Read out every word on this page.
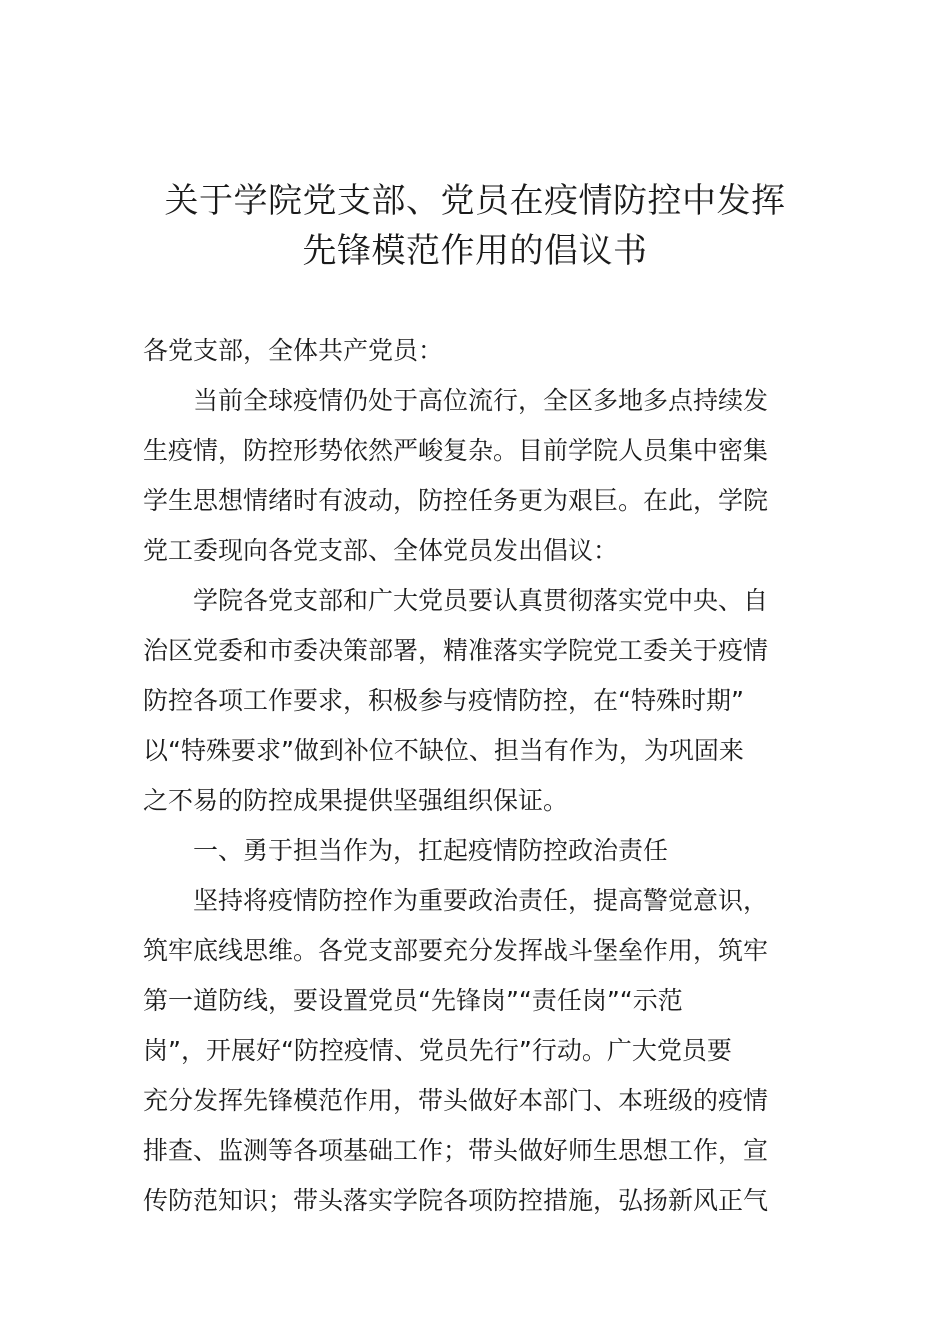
关于学院党支部、党员在疫情防控中发挥
先锋模范作用的倡议书
各党支部，全体共产党员：
当前全球疫情仍处于高位流行，全区多地多点持续发
生疫情，防控形势依然严峻复杂。目前学院人员集中密集
学生思想情绪时有波动，防控任务更为艰巨。在此，学院
党工委现向各党支部、全体党员发出倡议：
学院各党支部和广大党员要认真贯彻落实党中央、自
治区党委和市委决策部署，精准落实学院党工委关于疫情
防控各项工作要求，积极参与疫情防控，在“特殊时期”
以“特殊要求”做到补位不缺位、担当有作为，为巩固来
之不易的防控成果提供坚强组织保证。
一、勇于担当作为，扛起疫情防控政治责任
坚持将疫情防控作为重要政治责任，提高警觉意识，
筑牢底线思维。各党支部要充分发挥战斗堡垒作用，筑牢
第一道防线，要设置党员“先锋岗”“责任岗”“示范
岗”，开展好“防控疫情、党员先行”行动。广大党员要
充分发挥先锋模范作用，带头做好本部门、本班级的疫情
排查、监测等各项基础工作；带头做好师生思想工作，宣
传防范知识；带头落实学院各项防控措施，弘扬新风正气
